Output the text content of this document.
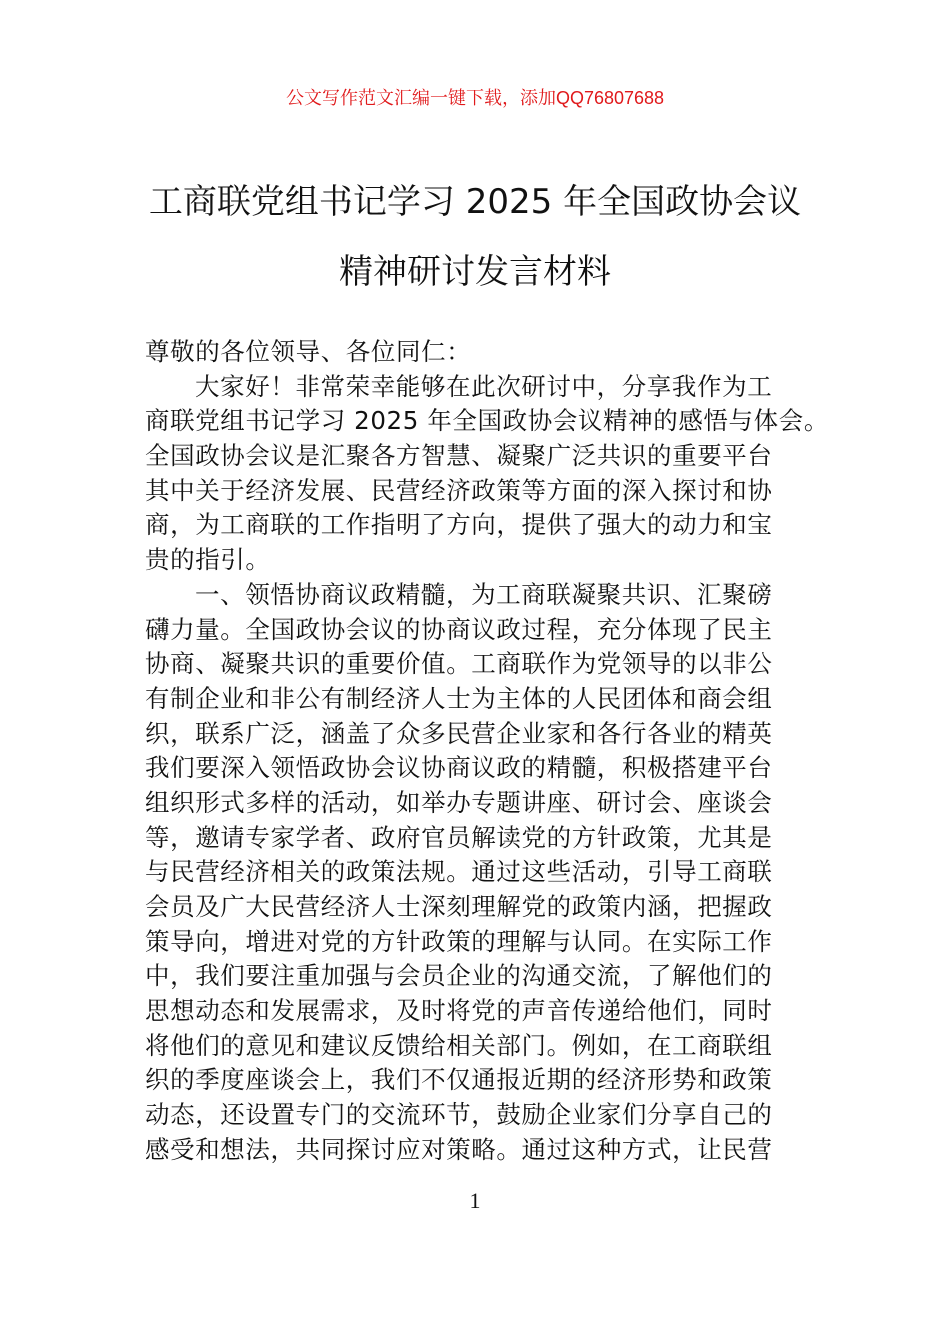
公文写作范文汇编一键下载，添加QQ76807688
工商联党组书记学习 2025 年全国政协会议
精神研讨发言材料
尊敬的各位领导、各位同仁：
大家好！非常荣幸能够在此次研讨中，分享我作为工
商联党组书记学习 2025 年全国政协会议精神的感悟与体会。
全国政协会议是汇聚各方智慧、凝聚广泛共识的重要平台
其中关于经济发展、民营经济政策等方面的深入探讨和协
商，为工商联的工作指明了方向，提供了强大的动力和宝
贵的指引。
一、领悟协商议政精髓，为工商联凝聚共识、汇聚磅
礴力量。全国政协会议的协商议政过程，充分体现了民主
协商、凝聚共识的重要价值。工商联作为党领导的以非公
有制企业和非公有制经济人士为主体的人民团体和商会组
织，联系广泛，涵盖了众多民营企业家和各行各业的精英
我们要深入领悟政协会议协商议政的精髓，积极搭建平台
组织形式多样的活动，如举办专题讲座、研讨会、座谈会
等，邀请专家学者、政府官员解读党的方针政策，尤其是
与民营经济相关的政策法规。通过这些活动，引导工商联
会员及广大民营经济人士深刻理解党的政策内涵，把握政
策导向，增进对党的方针政策的理解与认同。在实际工作
中，我们要注重加强与会员企业的沟通交流，了解他们的
思想动态和发展需求，及时将党的声音传递给他们，同时
将他们的意见和建议反馈给相关部门。例如，在工商联组
织的季度座谈会上，我们不仅通报近期的经济形势和政策
动态，还设置专门的交流环节，鼓励企业家们分享自己的
感受和想法，共同探讨应对策略。通过这种方式，让民营
1
